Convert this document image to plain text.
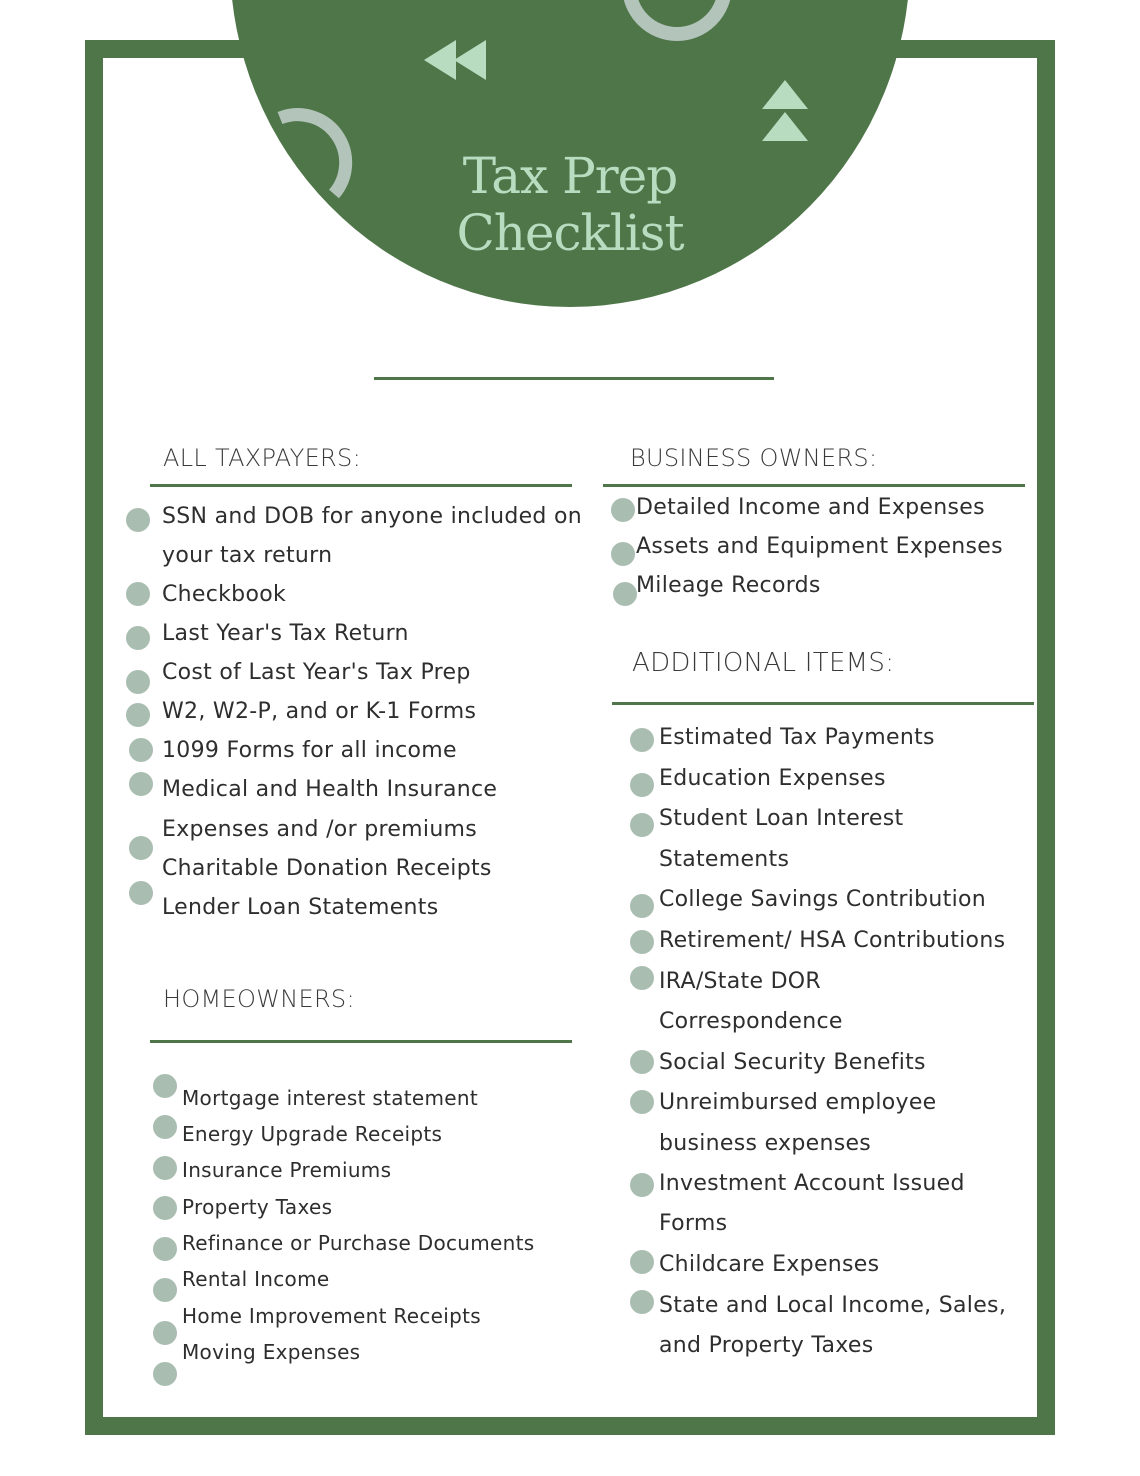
Tax Prep
Checklist
ALL TAXPAYERS:
SSN and DOB for anyone included on
your tax return
Checkbook
Last Year's Tax Return
Cost of Last Year's Tax Prep
W2, W2-P, and or K-1 Forms
1099 Forms for all income
Medical and Health Insurance
Expenses and /or premiums
Charitable Donation Receipts
Lender Loan Statements
HOMEOWNERS:
Mortgage interest statement
Energy Upgrade Receipts
Insurance Premiums
Property Taxes
Refinance or Purchase Documents
Rental Income
Home Improvement Receipts
Moving Expenses
BUSINESS OWNERS:
Detailed Income and Expenses
Assets and Equipment Expenses
Mileage Records
ADDITIONAL ITEMS:
Estimated Tax Payments
Education Expenses
Student Loan Interest
Statements
College Savings Contribution
Retirement/ HSA Contributions
IRA/State DOR
Correspondence
Social Security Benefits
Unreimbursed employee
business expenses
Investment Account Issued
Forms
Childcare Expenses
State and Local Income, Sales,
and Property Taxes
